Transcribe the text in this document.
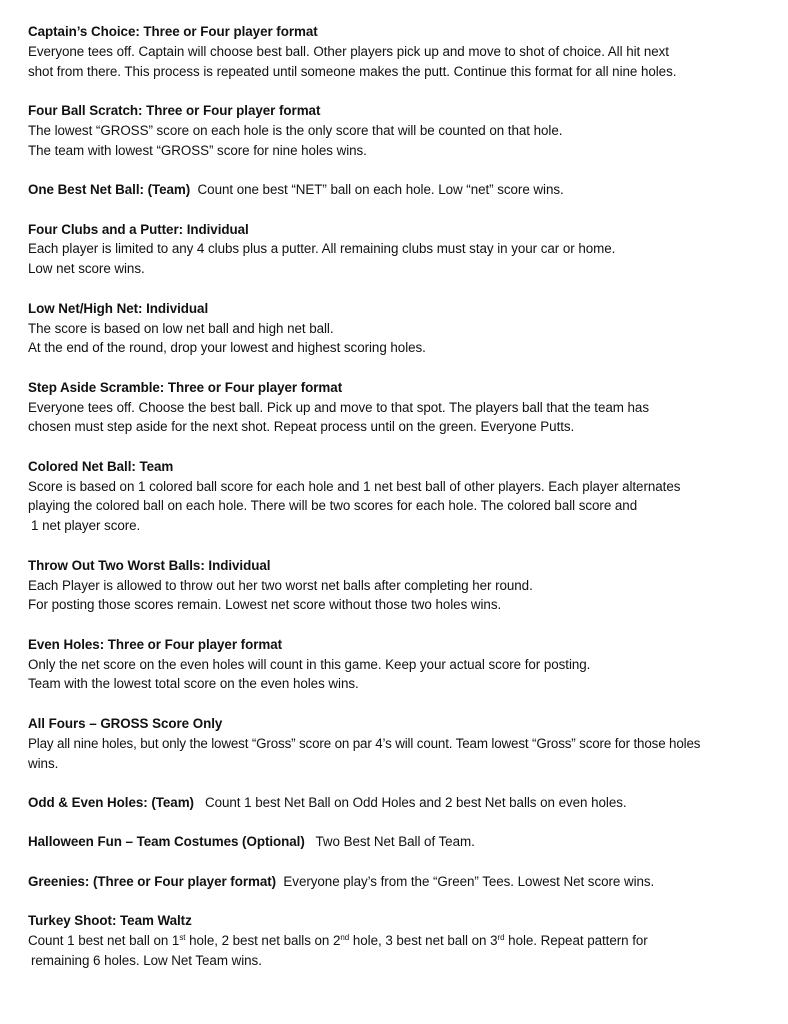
Captain’s Choice: Three or Four player format
Everyone tees off. Captain will choose best ball. Other players pick up and move to shot of choice. All hit next
shot from there. This process is repeated until someone makes the putt. Continue this format for all nine holes.
Four Ball Scratch: Three or Four player format
The lowest “GROSS” score on each hole is the only score that will be counted on that hole.
The team with lowest “GROSS” score for nine holes wins.
One Best Net Ball: (Team) Count one best “NET” ball on each hole. Low “net” score wins.
Four Clubs and a Putter: Individual
Each player is limited to any 4 clubs plus a putter. All remaining clubs must stay in your car or home.
Low net score wins.
Low Net/High Net: Individual
The score is based on low net ball and high net ball.
At the end of the round, drop your lowest and highest scoring holes.
Step Aside Scramble: Three or Four player format
Everyone tees off. Choose the best ball. Pick up and move to that spot. The players ball that the team has
chosen must step aside for the next shot. Repeat process until on the green. Everyone Putts.
Colored Net Ball: Team
Score is based on 1 colored ball score for each hole and 1 net best ball of other players. Each player alternates
playing the colored ball on each hole. There will be two scores for each hole. The colored ball score and
1 net player score.
Throw Out Two Worst Balls: Individual
Each Player is allowed to throw out her two worst net balls after completing her round.
For posting those scores remain. Lowest net score without those two holes wins.
Even Holes: Three or Four player format
Only the net score on the even holes will count in this game. Keep your actual score for posting.
Team with the lowest total score on the even holes wins.
All Fours – GROSS Score Only
Play all nine holes, but only the lowest “Gross” score on par 4’s will count. Team lowest “Gross” score for those holes
wins.
Odd & Even Holes: (Team) Count 1 best Net Ball on Odd Holes and 2 best Net balls on even holes.
Halloween Fun – Team Costumes (Optional) Two Best Net Ball of Team.
Greenies: (Three or Four player format) Everyone play’s from the “Green” Tees. Lowest Net score wins.
Turkey Shoot: Team Waltz
Count 1 best net ball on 1st hole, 2 best net balls on 2nd hole, 3 best net ball on 3rd hole. Repeat pattern for
remaining 6 holes. Low Net Team wins.
